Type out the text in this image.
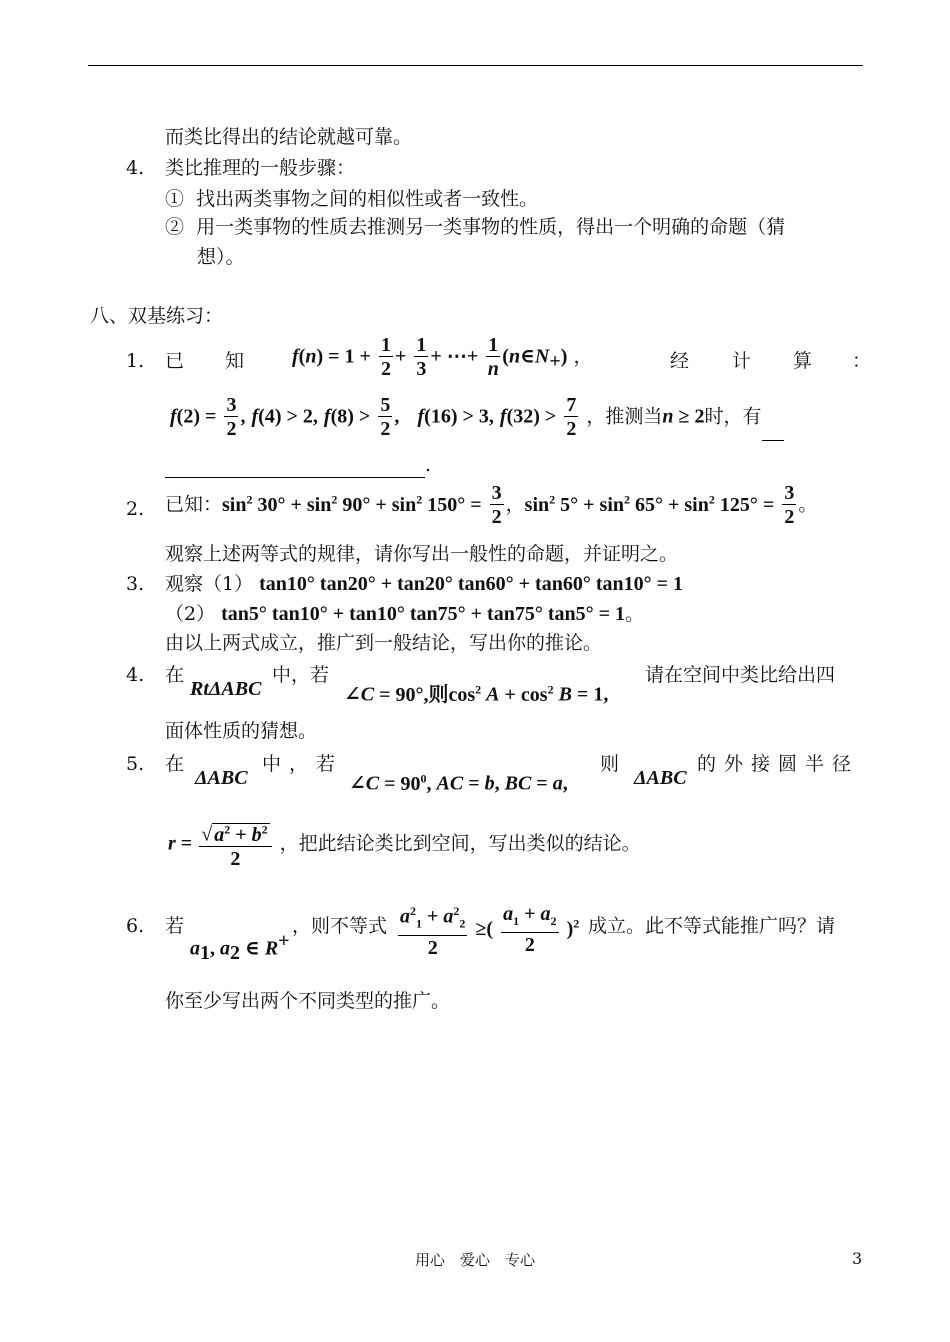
而类比得出的结论就越可靠。
4. 类比推理的一般步骤：
① 找出两类事物之间的相似性或者一致性。
② 用一类事物的性质去推测另一类事物的性质，得出一个明确的命题（猜
想）。
八、双基练习：
1. 已 知 $f(n) = 1 + \frac{1}{2} + \frac{1}{3}$ + ⋯+ $\frac{1}{n}$ $(n\in N_+)$ ，	经 计 算 ：
$f(2) = \frac{3}{2}$ , f(4) > 2, $f(8) > \frac{5}{2}$ , f(16) > 3, $f(32) > \frac{7}{2}$ ，推测当n ≥ 2时，有
.
2. 已知：$\sin^2 30^\circ + \sin^2 90^\circ + \sin^2 150^\circ = \frac{3}{2}$ ，$\sin^2 5^\circ + \sin^2 65^\circ + \sin^2 125^\circ = \frac{3}{2}$ 。
观察上述两等式的规律，请你写出一般性的命题，并证明之。
3. 观察（1） tan10° tan20° + tan20° tan60° + tan60° tan10° = 1
（2） tan5° tan10° + tan10° tan75° + tan75° tan5° = 1。
由以上两式成立，推广到一般结论，写出你的推论。
4. 在
RtΔABC
中，若
∠C = 90°,则$\cos^2 A + \cos^2 B = 1$,
请在空间中类比给出四
面体性质的猜想。
5. 在
ΔABC
中，若
∠C = $90^0$, AC = b, BC = a,
则
ΔABC
的外接圆半径
$r = \frac{√ a^2 + b^2}{2}$ ，把此结论类比到空间，写出类似的结论。
6. 若
$a_1$, $a_2$ ∈ R+
，则不等式 $\frac{a^2_1 + a^2_2}{2}$ ≥( $\frac{a_1 + a_2}{2} )^2$ 成立。此不等式能推广吗？请
你至少写出两个不同类型的推广。
用心　爱心　专心	3
